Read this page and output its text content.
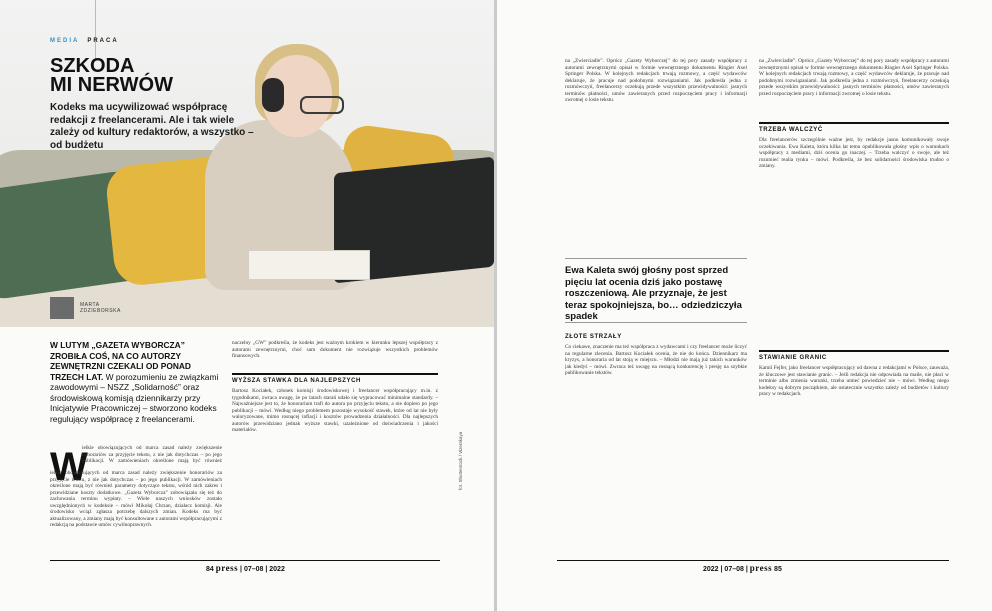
MEDIA PRACA
SZKODA
MI NERWÓW
Kodeks ma ucywilizować współpracę redakcji z freelancerami. Ale i tak wiele zależy od kultury redaktorów, a wszystko – od budżetu
MARTA
ZDZIEBORSKA
W LUTYM „GAZETA WYBORCZA” ZROBIŁA COŚ, NA CO AUTORZY ZEWNĘTRZNI CZEKALI OD PONAD TRZECH LAT. W porozumieniu ze związkami zawodowymi – NSZZ „Solidarność” oraz środowiskową komisją dziennikarzy przy Inicjatywie Pracowniczej – stworzono kodeks regulujący współpracę z freelancerami.
W
ielkie obowiązujących od marca zasad należy zwiększenie honorariów za przyjęcie tekstu, z nie jak dotychczas – po jego publikacji. W zamówieniach określone mają być również
ielkie obowiązujących od marca zasad należy zwiększenie honorariów za przyjęcie tekstu, z nie jak dotychczas – po jego publikacji. W zamówieniach określone mają być również parametry dotyczące tekstu, wśród nich zakres i przewidziane koszty dodatkowe. „Gazeta Wyborcza” zobowiązała się też do zachowania terminu wypłaty. – Wiele naszych wniosków zostało uwzględnionych w kodeksie – mówi Mikołaj Chrzan, działacz komisji. Ale środowisko wciąż zgłasza potrzebę dalszych zmian. Kodeks ma być aktualizowany, a zmiany mają być konsultowane z autorami współpracującymi z redakcją na podstawie umów cywilnoprawnych.
naczelny „GW” podkreśla, że kodeks jest ważnym krokiem w kierunku lepszej współpracy z autorami zewnętrznymi, choć sam dokument nie rozwiązuje wszystkich problemów finansowych.
WYŻSZA STAWKA DLA NAJLEPSZYCH
Bartosz Kociałek, członek komisji środowiskowej i freelancer współpracujący m.in. z tygodnikami, zwraca uwagę, że po latach starań udało się wypracować minimalne standardy. – Najważniejsze jest to, że honorarium trafi do autora po przyjęciu tekstu, a nie dopiero po jego publikacji – mówi. Według niego problemem pozostaje wysokość stawek, które od lat nie były waloryzowane, mimo rosnącej inflacji i kosztów prowadzenia działalności. Dla najlepszych autorów przewidziano jednak wyższe stawki, uzależnione od doświadczenia i jakości materiałów.
fot. Shutterstock / Vizerskaya
84 press | 07–08 | 2022
na „Zwierciadle”. Oprócz „Gazety Wyborczej” do tej pory zasady współpracy z autorami zewnętrznymi opisał w formie wewnętrznego dokumentu Ringier Axel Springer Polska. W kolejnych redakcjach trwają rozmowy, a część wydawców deklaruje, że pracuje nad podobnymi rozwiązaniami. Jak podkreśla jedna z rozmówczyń, freelancerzy oczekują przede wszystkim przewidywalności: jasnych terminów płatności, umów zawieranych przed rozpoczęciem pracy i informacji zwrotnej o losie tekstu.
na „Zwierciadle”. Oprócz „Gazety Wyborczej” do tej pory zasady współpracy z autorami zewnętrznymi opisał w formie wewnętrznego dokumentu Ringier Axel Springer Polska. W kolejnych redakcjach trwają rozmowy, a część wydawców deklaruje, że pracuje nad podobnymi rozwiązaniami. Jak podkreśla jedna z rozmówczyń, freelancerzy oczekują przede wszystkim przewidywalności: jasnych terminów płatności, umów zawieranych przed rozpoczęciem pracy i informacji zwrotnej o losie tekstu.
TRZEBA WALCZYĆ
Dla freelancerów szczególnie ważne jest, by redakcje jasno komunikowały swoje oczekiwania. Ewa Kaleta, która kilka lat temu opublikowała głośny wpis o warunkach współpracy z mediami, dziś ocenia go inaczej. – Trzeba walczyć o swoje, ale też rozumieć realia rynku – mówi. Podkreśla, że bez solidarności środowiska trudno o zmiany.
ZŁOTE STRZAŁY
Co ciekawe, znaczenie ma też współpraca z wydawcami i czy freelancer może liczyć na regularne zlecenia. Bartosz Kociałek ocenia, że nie do końca. Dziennikarz ma kryzys, a honoraria od lat stoją w miejscu. – Młodzi nie mają już takich warunków jak kiedyś – mówi. Zwraca też uwagę na rosnącą konkurencję i presję na szybkie publikowanie tekstów.
STAWIANIE GRANIC
Kamil Fejfer, jako freelancer współpracujący od dawna z redakcjami w Polsce, zauważa, że kluczowe jest stawianie granic. – Jeśli redakcja nie odpowiada na maile, nie płaci w terminie albo zmienia warunki, trzeba umieć powiedzieć nie – mówi. Według niego kodeksy są dobrym początkiem, ale ostatecznie wszystko zależy od budżetów i kultury pracy w redakcjach.
2022 | 07–08 | press 85
Ewa Kaleta swój głośny post sprzed pięciu lat ocenia dziś jako postawę roszczeniową. Ale przyznaje, że jest teraz spokojniejsza, bo… odziedziczyła spadek
